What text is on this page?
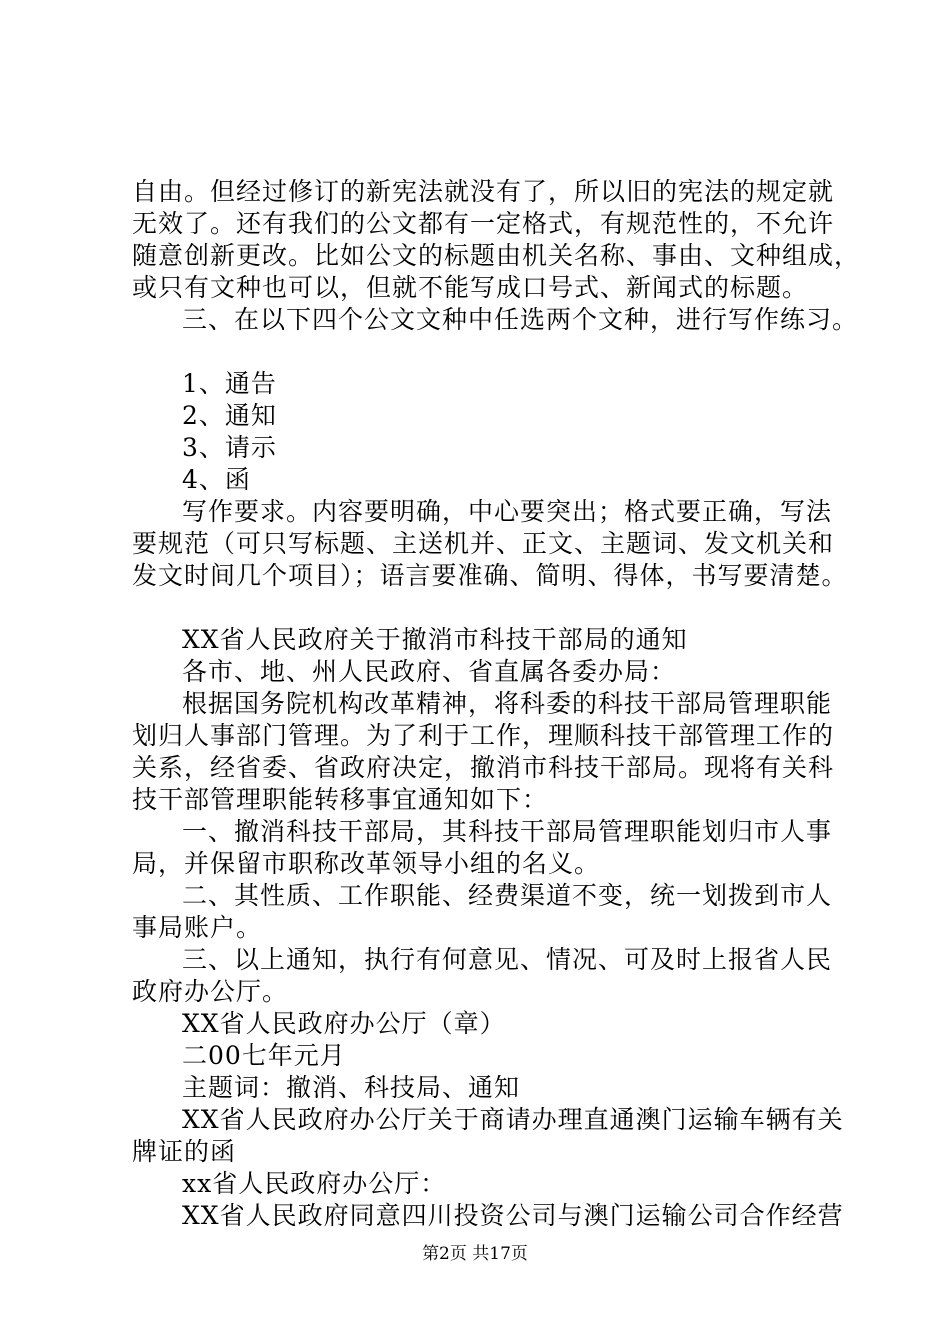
自由。但经过修订的新宪法就没有了，所以旧的宪法的规定就
无效了。还有我们的公文都有一定格式，有规范性的，不允许
随意创新更改。比如公文的标题由机关名称、事由、文种组成，
或只有文种也可以，但就不能写成口号式、新闻式的标题。
三、在以下四个公文文种中任选两个文种，进行写作练习。
1、通告
2、通知
3、请示
4、函
写作要求。内容要明确，中心要突出；格式要正确，写法
要规范（可只写标题、主送机并、正文、主题词、发文机关和
发文时间几个项目）；语言要准确、简明、得体，书写要清楚。
XX省人民政府关于撤消市科技干部局的通知
各市、地、州人民政府、省直属各委办局：
根据国务院机构改革精神，将科委的科技干部局管理职能
划归人事部门管理。为了利于工作，理顺科技干部管理工作的
关系，经省委、省政府决定，撤消市科技干部局。现将有关科
技干部管理职能转移事宜通知如下：
一、撤消科技干部局，其科技干部局管理职能划归市人事
局，并保留市职称改革领导小组的名义。
二、其性质、工作职能、经费渠道不变，统一划拨到市人
事局账户。
三、以上通知，执行有何意见、情况、可及时上报省人民
政府办公厅。
XX省人民政府办公厅（章）
二00七年元月
主题词：撤消、科技局、通知
XX省人民政府办公厅关于商请办理直通澳门运输车辆有关
牌证的函
xx省人民政府办公厅：
XX省人民政府同意四川投资公司与澳门运输公司合作经营
第2页 共17页
